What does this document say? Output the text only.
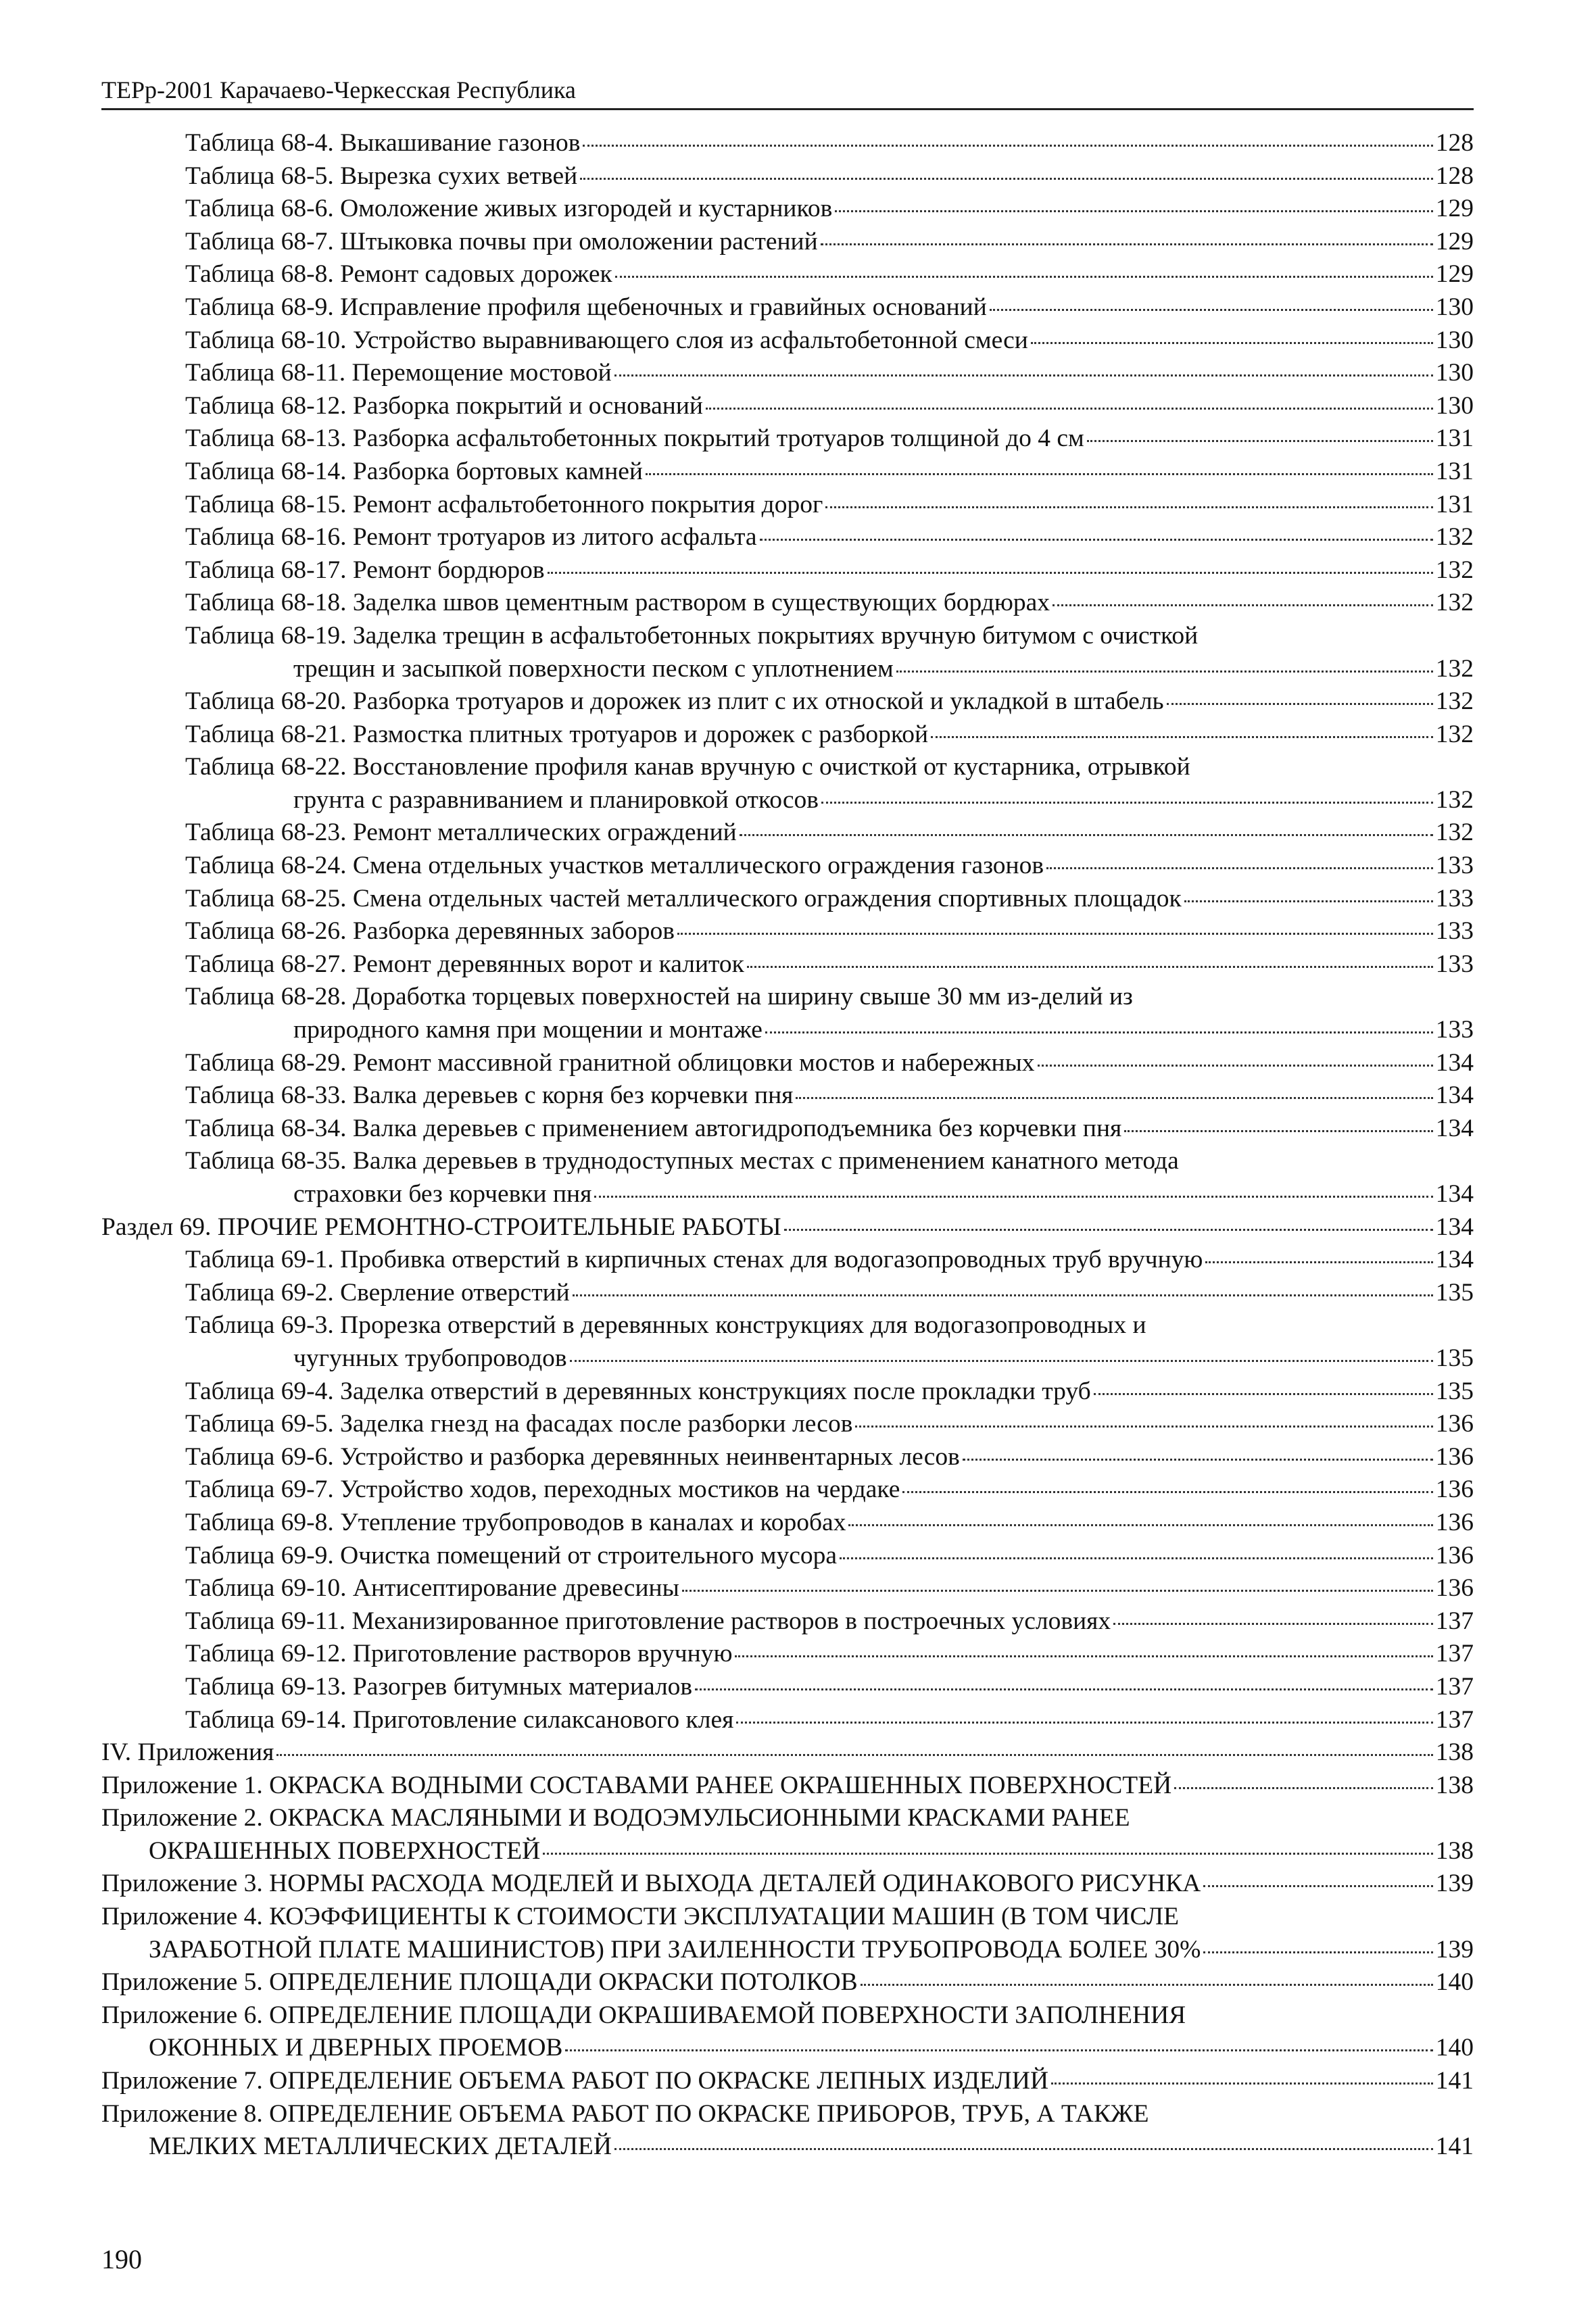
ТЕРр-2001 Карачаево-Черкесская Республика
Таблица 68-4. Выкашивание газонов	128
Таблица 68-5. Вырезка сухих ветвей	128
Таблица 68-6. Омоложение живых изгородей и кустарников	129
Таблица 68-7. Штыковка почвы при омоложении растений	129
Таблица 68-8. Ремонт садовых дорожек	129
Таблица 68-9. Исправление профиля щебеночных и гравийных оснований	130
Таблица 68-10. Устройство выравнивающего слоя из асфальтобетонной смеси	130
Таблица 68-11. Перемощение мостовой	130
Таблица 68-12. Разборка покрытий и оснований	130
Таблица 68-13. Разборка асфальтобетонных покрытий тротуаров толщиной до 4 см	131
Таблица 68-14. Разборка бортовых камней	131
Таблица 68-15. Ремонт асфальтобетонного покрытия дорог	131
Таблица 68-16. Ремонт тротуаров из литого асфальта	132
Таблица 68-17. Ремонт бордюров	132
Таблица 68-18. Заделка швов цементным раствором в существующих бордюрах	132
Таблица 68-19. Заделка трещин в асфальтобетонных покрытиях вручную битумом с очисткой
трещин и засыпкой поверхности песком с уплотнением	132
Таблица 68-20. Разборка тротуаров и дорожек из плит с их отноской и укладкой в штабель	132
Таблица 68-21. Размостка плитных тротуаров и дорожек с разборкой	132
Таблица 68-22. Восстановление профиля канав вручную с очисткой от кустарника, отрывкой
грунта с разравниванием и планировкой откосов	132
Таблица 68-23. Ремонт металлических ограждений	132
Таблица 68-24. Смена отдельных участков металлического ограждения газонов	133
Таблица 68-25. Смена отдельных частей металлического ограждения спортивных площадок	133
Таблица 68-26. Разборка деревянных заборов	133
Таблица 68-27. Ремонт деревянных ворот и калиток	133
Таблица 68-28. Доработка торцевых поверхностей на ширину свыше 30 мм из-делий из
природного камня при мощении и монтаже	133
Таблица 68-29. Ремонт массивной гранитной облицовки мостов и набережных	134
Таблица 68-33. Валка деревьев с корня без корчевки пня	134
Таблица 68-34. Валка деревьев с применением автогидроподъемника без корчевки пня	134
Таблица 68-35. Валка деревьев в труднодоступных местах с применением канатного метода
страховки без корчевки пня	134
Раздел 69. ПРОЧИЕ РЕМОНТНО-СТРОИТЕЛЬНЫЕ РАБОТЫ	134
Таблица 69-1. Пробивка отверстий в кирпичных стенах для водогазопроводных труб вручную	134
Таблица 69-2. Сверление отверстий	135
Таблица 69-3. Прорезка отверстий в деревянных конструкциях для водогазопроводных и
чугунных трубопроводов	135
Таблица 69-4. Заделка отверстий в деревянных конструкциях после прокладки труб	135
Таблица 69-5. Заделка гнезд на фасадах после разборки лесов	136
Таблица 69-6. Устройство и разборка деревянных неинвентарных лесов	136
Таблица 69-7. Устройство ходов, переходных мостиков на чердаке	136
Таблица 69-8. Утепление трубопроводов в каналах и коробах	136
Таблица 69-9. Очистка помещений от строительного мусора	136
Таблица 69-10. Антисептирование древесины	136
Таблица 69-11. Механизированное приготовление растворов в построечных условиях	137
Таблица 69-12. Приготовление растворов вручную	137
Таблица 69-13. Разогрев битумных материалов	137
Таблица 69-14. Приготовление силаксанового клея	137
IV. Приложения	138
Приложение 1. ОКРАСКА ВОДНЫМИ СОСТАВАМИ РАНЕЕ ОКРАШЕННЫХ ПОВЕРХНОСТЕЙ	138
Приложение 2. ОКРАСКА МАСЛЯНЫМИ И ВОДОЭМУЛЬСИОННЫМИ КРАСКАМИ РАНЕЕ
ОКРАШЕННЫХ ПОВЕРХНОСТЕЙ	138
Приложение 3. НОРМЫ РАСХОДА МОДЕЛЕЙ И ВЫХОДА ДЕТАЛЕЙ ОДИНАКОВОГО РИСУНКА	139
Приложение 4. КОЭФФИЦИЕНТЫ К СТОИМОСТИ ЭКСПЛУАТАЦИИ МАШИН (В ТОМ ЧИСЛЕ
ЗАРАБОТНОЙ ПЛАТЕ МАШИНИСТОВ) ПРИ ЗАИЛЕННОСТИ ТРУБОПРОВОДА БОЛЕЕ 30%	139
Приложение 5. ОПРЕДЕЛЕНИЕ ПЛОЩАДИ ОКРАСКИ ПОТОЛКОВ	140
Приложение 6. ОПРЕДЕЛЕНИЕ ПЛОЩАДИ ОКРАШИВАЕМОЙ ПОВЕРХНОСТИ ЗАПОЛНЕНИЯ
ОКОННЫХ И ДВЕРНЫХ ПРОЕМОВ	140
Приложение 7. ОПРЕДЕЛЕНИЕ ОБЪЕМА РАБОТ ПО ОКРАСКЕ ЛЕПНЫХ ИЗДЕЛИЙ	141
Приложение 8. ОПРЕДЕЛЕНИЕ ОБЪЕМА РАБОТ ПО ОКРАСКЕ ПРИБОРОВ, ТРУБ, А ТАКЖЕ
МЕЛКИХ МЕТАЛЛИЧЕСКИХ ДЕТАЛЕЙ	141
190
